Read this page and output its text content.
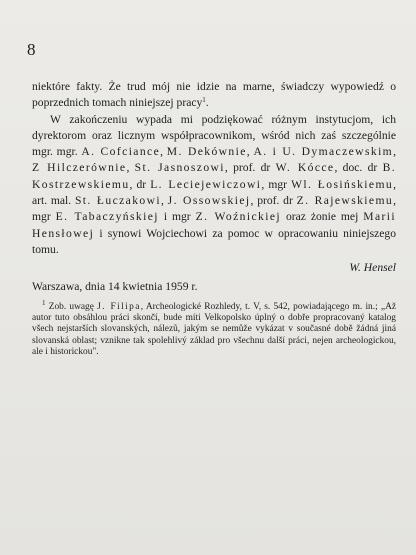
8

niektóre fakty. Że trud mój nie idzie na marne, świadczy wypowiedź o poprzednich tomach niniejszej pracy$^1$.

W zakończeniu wypada mi podziękować różnym instytucjom, ich dyrektorom oraz licznym współpracownikom, wśród nich zaś szczególnie mgr. mgr. A. Cofciance, M. Dekównie, A. i U. Dymaczewskim, Z Hilczerównie, St. Jasnoszowi, prof. dr W. Kócce, doc. dr B. Kostrzewskiemu, dr L. Leciejewiczowi, mgr Wl. Łosińskiemu, art. mal. St. Łuczakowi, J. Ossowskiej, prof. dr Z. Rajewskiemu, mgr E. Tabaczyńskiej i mgr Z. Woźnickiej oraz żonie mej Marii Hensłowej i synowi Wojciechowi za pomoc w opracowaniu niniejszego tomu.

W. Hensel

Warszawa, dnia 14 kwietnia 1959 r.

$^1$ Zob. uwagę J. Filipa, Archeologické Rozhledy, t. V, s. 542, powiadającego m. in.; „Až autor tuto obsáhlou práci skončí, bude míti Velkopolsko úplný o dobře propracovaný katalog všech nejstarších slovanských, nálezů, jakým se nemůže vykázat v současné době žádná jiná slovanská oblast; vznikne tak spolehlivý základ pro všechnu další práci, nejen archeologickou, ale i historickou".
